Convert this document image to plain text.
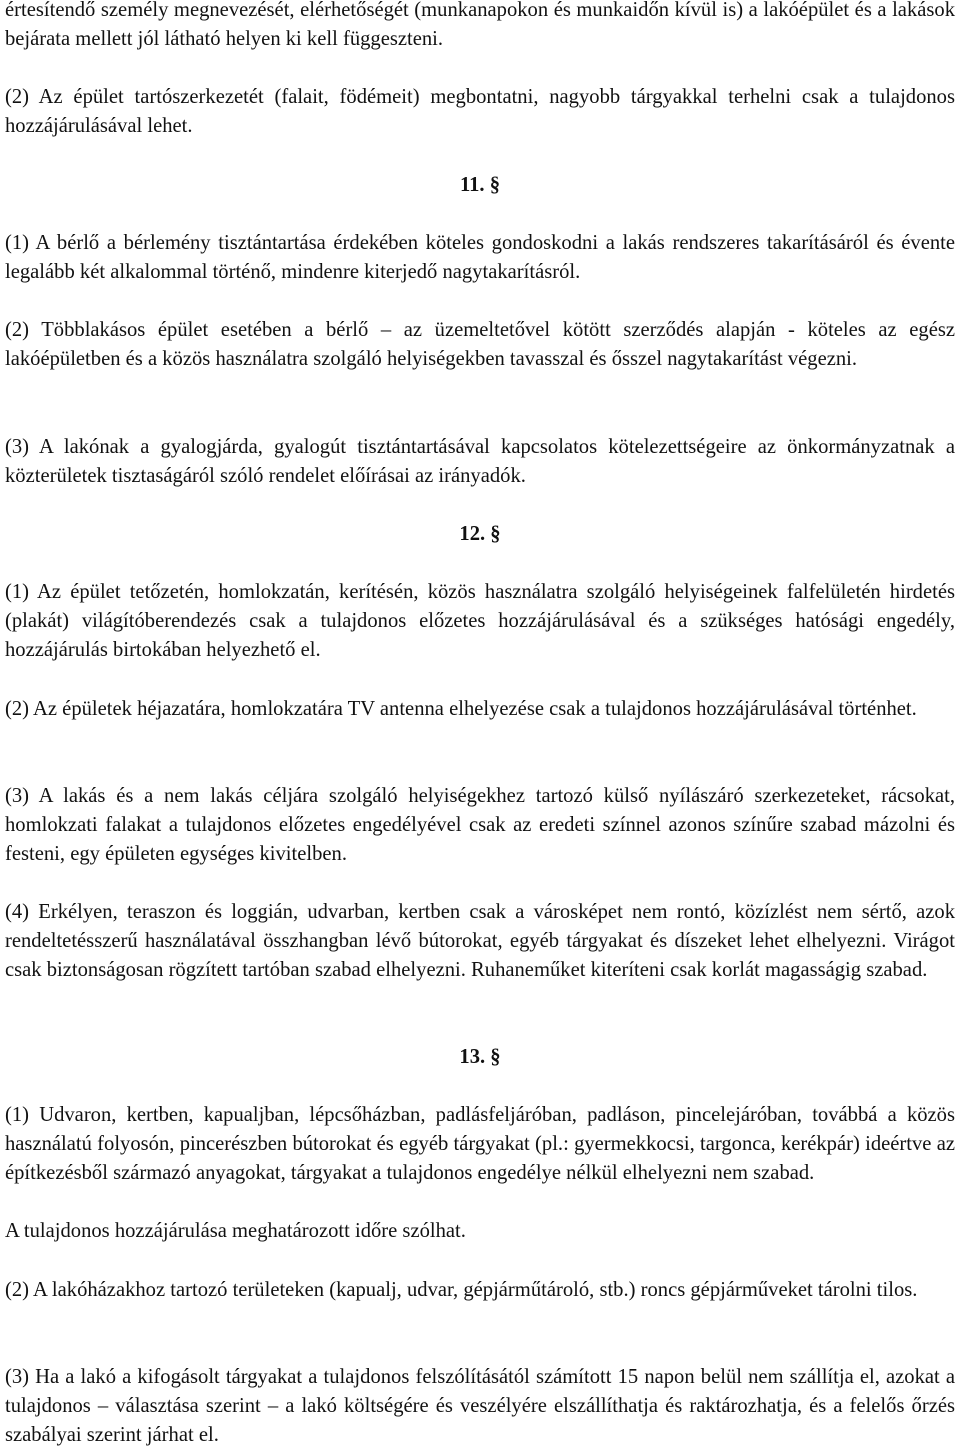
értesítendő személy megnevezését, elérhetőségét (munkanapokon és munkaidőn kívül is) a lakóépület és a lakások bejárata mellett jól látható helyen ki kell függeszteni.

(2) Az épület tartószerkezetét (falait, födémeit) megbontatni, nagyobb tárgyakkal terhelni csak a tulajdonos hozzájárulásával lehet.

11. §

(1) A bérlő a bérlemény tisztántartása érdekében köteles gondoskodni a lakás rendszeres takarításáról és évente legalább két alkalommal történő, mindenre kiterjedő nagytakarításról.

(2) Többlakásos épület esetében a bérlő – az üzemeltetővel kötött szerződés alapján - köteles az egész lakóépületben és a közös használatra szolgáló helyiségekben tavasszal és ősszel nagytakarítást végezni.

(3) A lakónak a gyalogjárda, gyalogút tisztántartásával kapcsolatos kötelezettségeire az önkormányzatnak a közterületek tisztaságáról szóló rendelet előírásai az irányadók.

12. §

(1) Az épület tetőzetén, homlokzatán, kerítésén, közös használatra szolgáló helyiségeinek falfelületén hirdetés (plakát) világítóberendezés csak a tulajdonos előzetes hozzájárulásával és a szükséges hatósági engedély, hozzájárulás birtokában helyezhető el.

(2) Az épületek héjazatára, homlokzatára TV antenna elhelyezése csak a tulajdonos hozzájárulásával történhet.

(3) A lakás és a nem lakás céljára szolgáló helyiségekhez tartozó külső nyílászáró szerkezeteket, rácsokat, homlokzati falakat a tulajdonos előzetes engedélyével csak az eredeti színnel azonos színűre szabad mázolni és festeni, egy épületen egységes kivitelben.

(4) Erkélyen, teraszon és loggián, udvarban, kertben csak a városképet nem rontó, közízlést nem sértő, azok rendeltetésszerű használatával összhangban lévő bútorokat, egyéb tárgyakat és díszeket lehet elhelyezni. Virágot csak biztonságosan rögzített tartóban szabad elhelyezni. Ruhaneműket kiteríteni csak korlát magasságig szabad.

13. §

(1) Udvaron, kertben, kapualjban, lépcsőházban, padlásfeljáróban, padláson, pincelejáróban, továbbá a közös használatú folyosón, pincerészben bútorokat és egyéb tárgyakat (pl.: gyermekkocsi, targonca, kerékpár) ideértve az építkezésből származó anyagokat, tárgyakat a tulajdonos engedélye nélkül elhelyezni nem szabad.

A tulajdonos hozzájárulása meghatározott időre szólhat.

(2) A lakóházakhoz tartozó területeken (kapualj, udvar, gépjárműtároló, stb.) roncs gépjárműveket tárolni tilos.

(3) Ha a lakó a kifogásolt tárgyakat a tulajdonos felszólításától számított 15 napon belül nem szállítja el, azokat a tulajdonos – választása szerint – a lakó költségére és veszélyére elszállíthatja és raktározhatja, és a felelős őrzés szabályai szerint járhat el.
